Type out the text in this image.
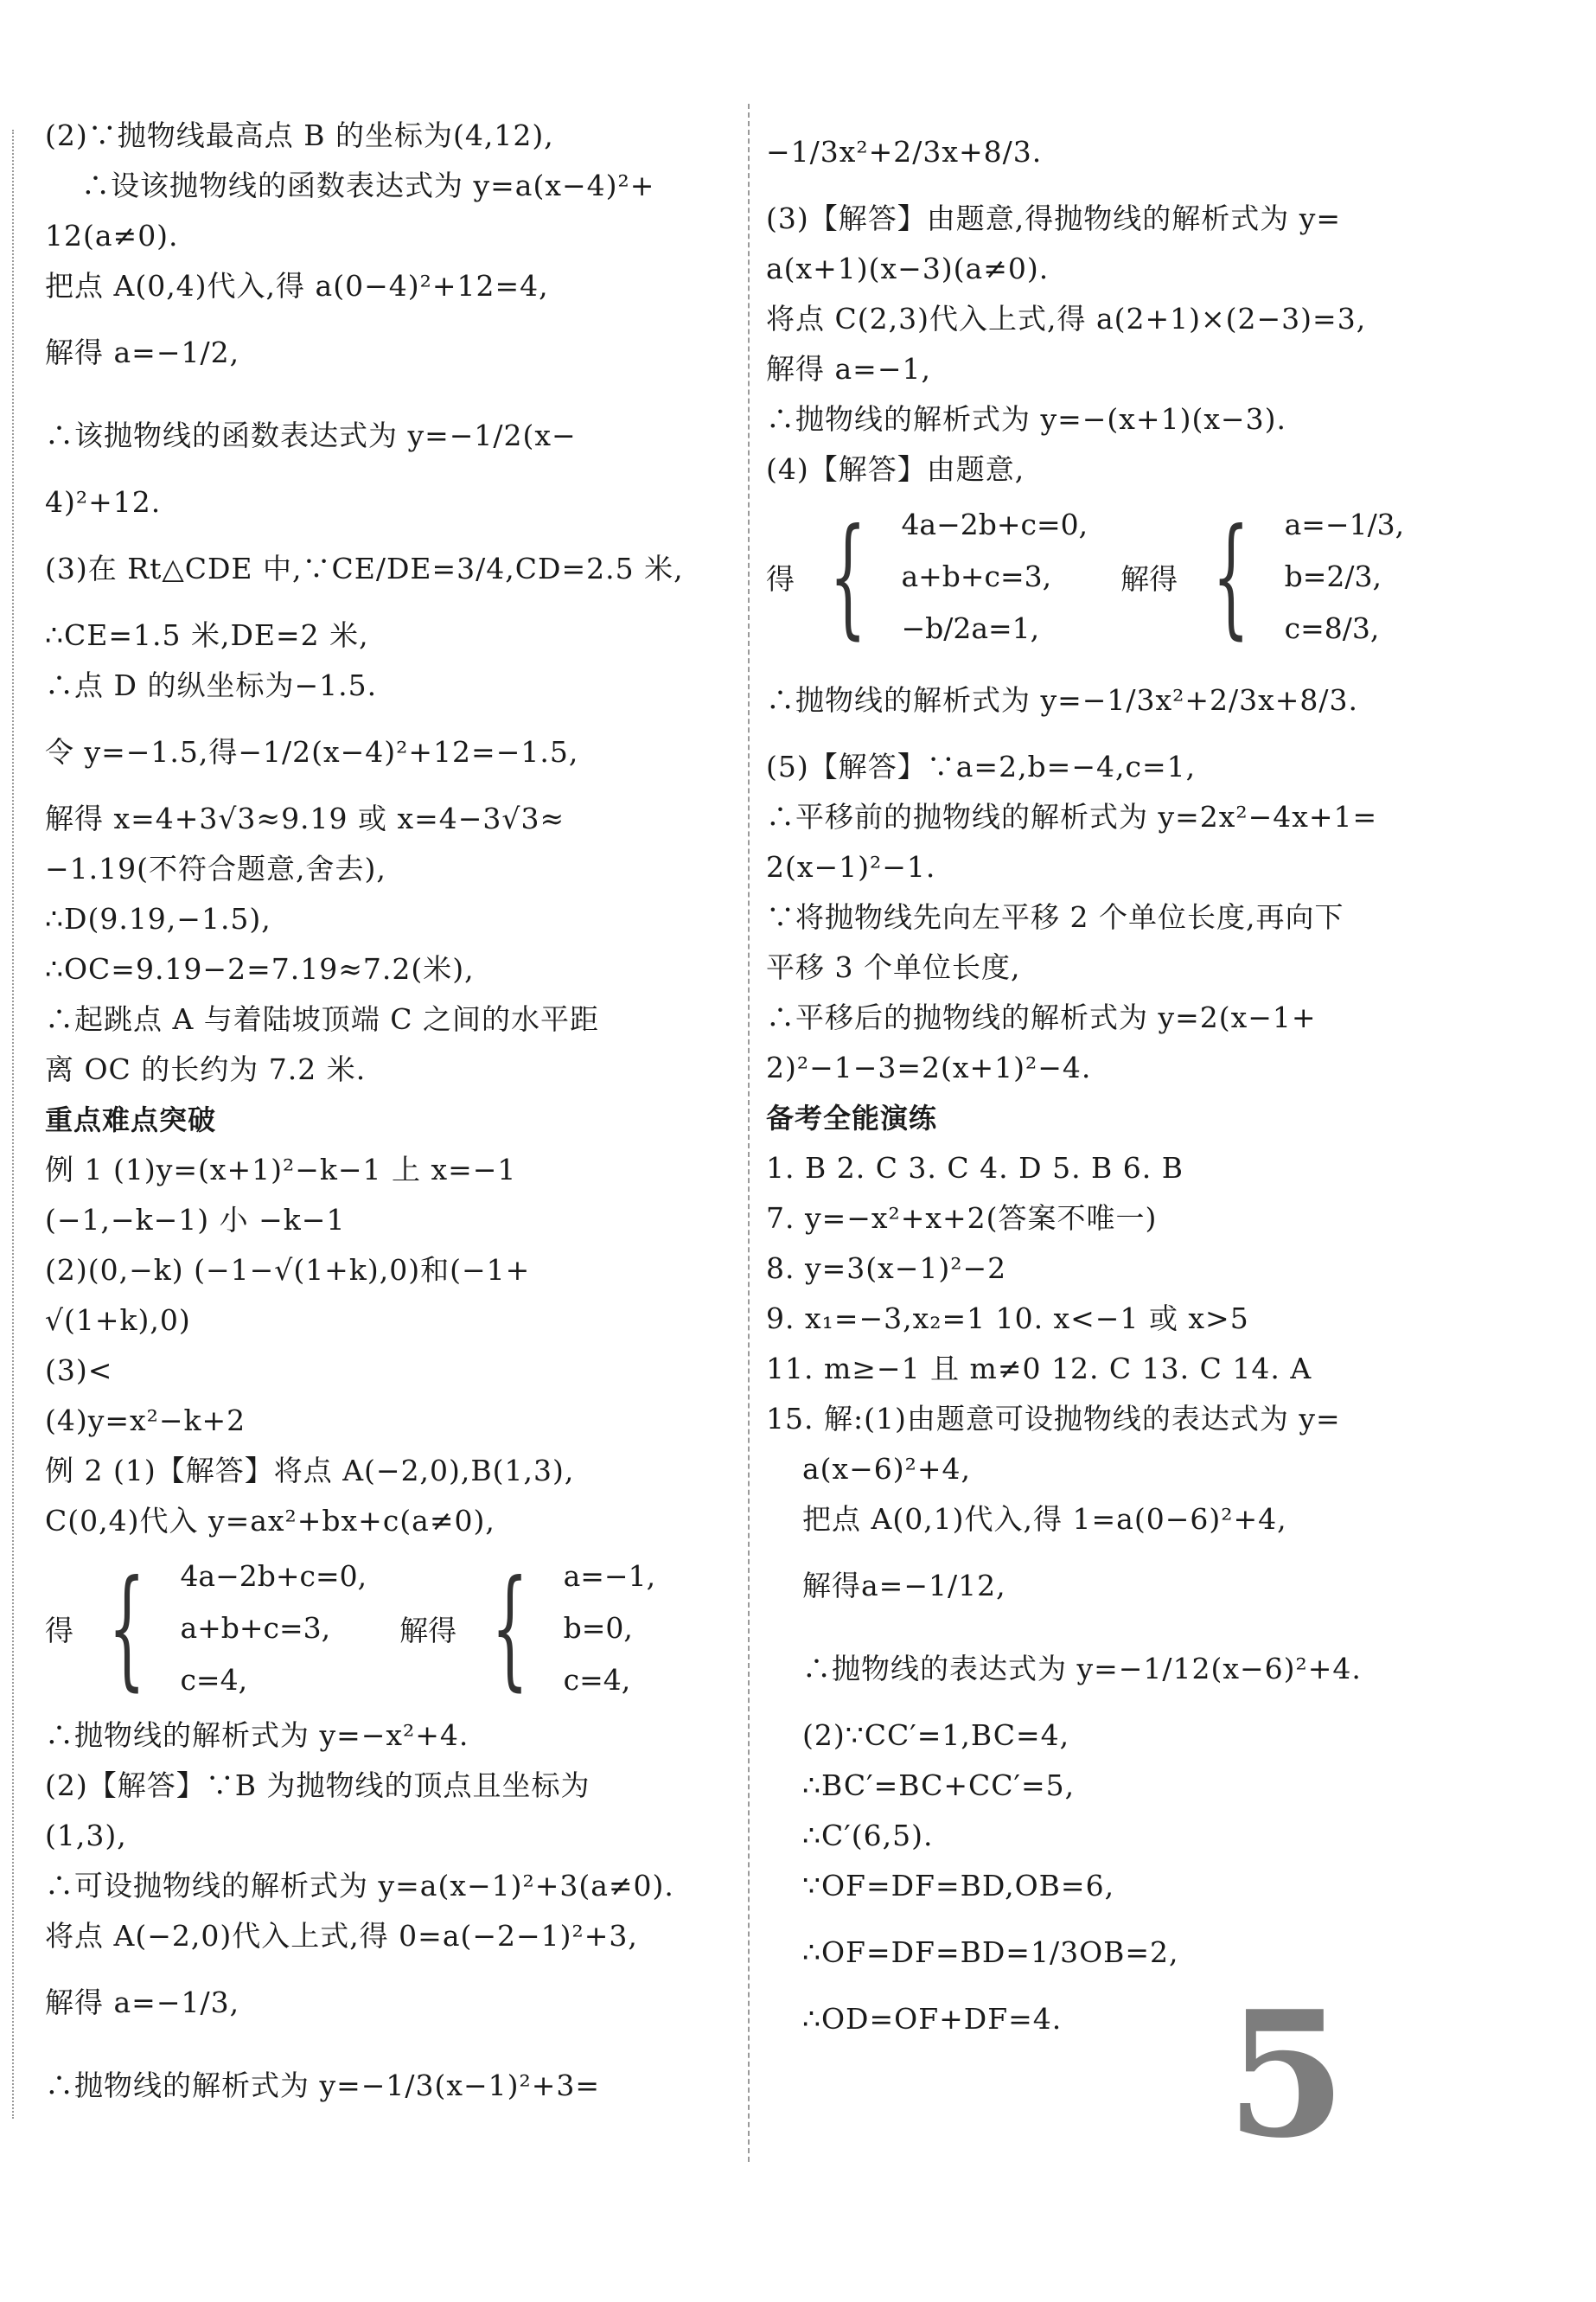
(2)∵抛物线最高点 B 的坐标为(4,12),
∴设该抛物线的函数表达式为 y=a(x−4)²+
12(a≠0).
把点 A(0,4)代入,得 a(0−4)²+12=4,
解得 a=−1/2,
∴该抛物线的函数表达式为 y=−1/2(x−
4)²+12.
(3)在 Rt△CDE 中,∵CE/DE=3/4,CD=2.5 米,
∴CE=1.5 米,DE=2 米,
∴点 D 的纵坐标为−1.5.
令 y=−1.5,得−1/2(x−4)²+12=−1.5,
解得 x=4+3√3≈9.19 或 x=4−3√3≈
−1.19(不符合题意,舍去),
∴D(9.19,−1.5),
∴OC=9.19−2=7.19≈7.2(米),
∴起跳点 A 与着陆坡顶端 C 之间的水平距
离 OC 的长约为 7.2 米.
重点难点突破
例 1 (1)y=(x+1)²−k−1 上 x=−1
(−1,−k−1) 小 −k−1
(2)(0,−k) (−1−√(1+k),0)和(−1+
√(1+k),0)
(3)<
(4)y=x²−k+2
例 2 (1)【解答】将点 A(−2,0),B(1,3),
C(0,4)代入 y=ax²+bx+c(a≠0),
得 { 4a−2b+c=0,
a+b+c=3,
c=4,
解得 { a=−1,
b=0,
c=4,
∴抛物线的解析式为 y=−x²+4.
(2)【解答】∵B 为抛物线的顶点且坐标为
(1,3),
∴可设抛物线的解析式为 y=a(x−1)²+3(a≠0).
将点 A(−2,0)代入上式,得 0=a(−2−1)²+3,
解得 a=−1/3,
∴抛物线的解析式为 y=−1/3(x−1)²+3=
−1/3x²+2/3x+8/3.
(3)【解答】由题意,得抛物线的解析式为 y=
a(x+1)(x−3)(a≠0).
将点 C(2,3)代入上式,得 a(2+1)×(2−3)=3,
解得 a=−1,
∴抛物线的解析式为 y=−(x+1)(x−3).
(4)【解答】由题意,
得 { 4a−2b+c=0,
a+b+c=3,
−b/2a=1,
解得 { a=−1/3,
b=2/3,
c=8/3,
∴抛物线的解析式为 y=−1/3x²+2/3x+8/3.
(5)【解答】∵a=2,b=−4,c=1,
∴平移前的抛物线的解析式为 y=2x²−4x+1=
2(x−1)²−1.
∵将抛物线先向左平移 2 个单位长度,再向下
平移 3 个单位长度,
∴平移后的抛物线的解析式为 y=2(x−1+
2)²−1−3=2(x+1)²−4.
备考全能演练
1. B 2. C 3. C 4. D 5. B 6. B
7. y=−x²+x+2(答案不唯一)
8. y=3(x−1)²−2
9. x₁=−3,x₂=1 10. x<−1 或 x>5
11. m≥−1 且 m≠0 12. C 13. C 14. A
15. 解:(1)由题意可设抛物线的表达式为 y=
a(x−6)²+4,
把点 A(0,1)代入,得 1=a(0−6)²+4,
解得a=−1/12,
∴抛物线的表达式为 y=−1/12(x−6)²+4.
(2)∵CC′=1,BC=4,
∴BC′=BC+CC′=5,
∴C′(6,5).
∵OF=DF=BD,OB=6,
∴OF=DF=BD=1/3OB=2,
∴OD=OF+DF=4. 5
